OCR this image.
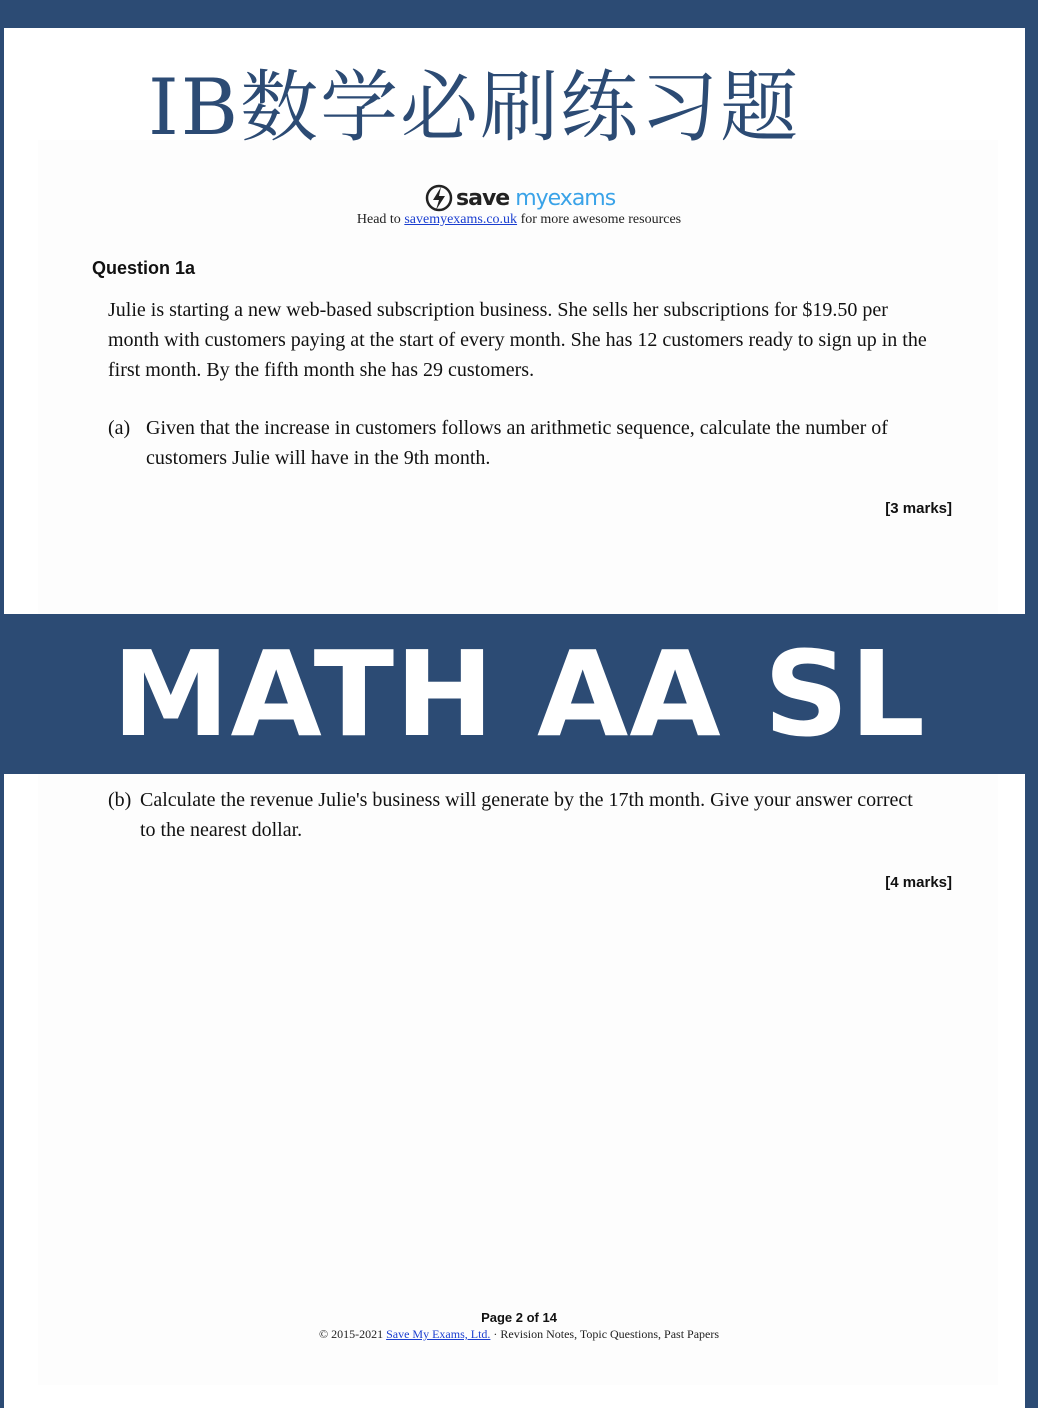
IB数学必刷练习题
save myexams
Head to savemyexams.co.uk for more awesome resources
Question 1a
Julie is starting a new web-based subscription business. She sells her subscriptions for $19.50 per month with customers paying at the start of every month. She has 12 customers ready to sign up in the first month. By the fifth month she has 29 customers.
(a) Given that the increase in customers follows an arithmetic sequence, calculate the number of customers Julie will have in the 9th month.
[3 marks]
MATH AA SL
(b) Calculate the revenue Julie's business will generate by the 17th month. Give your answer correct to the nearest dollar.
[4 marks]
Page 2 of 14
© 2015-2021 Save My Exams, Ltd. · Revision Notes, Topic Questions, Past Papers
